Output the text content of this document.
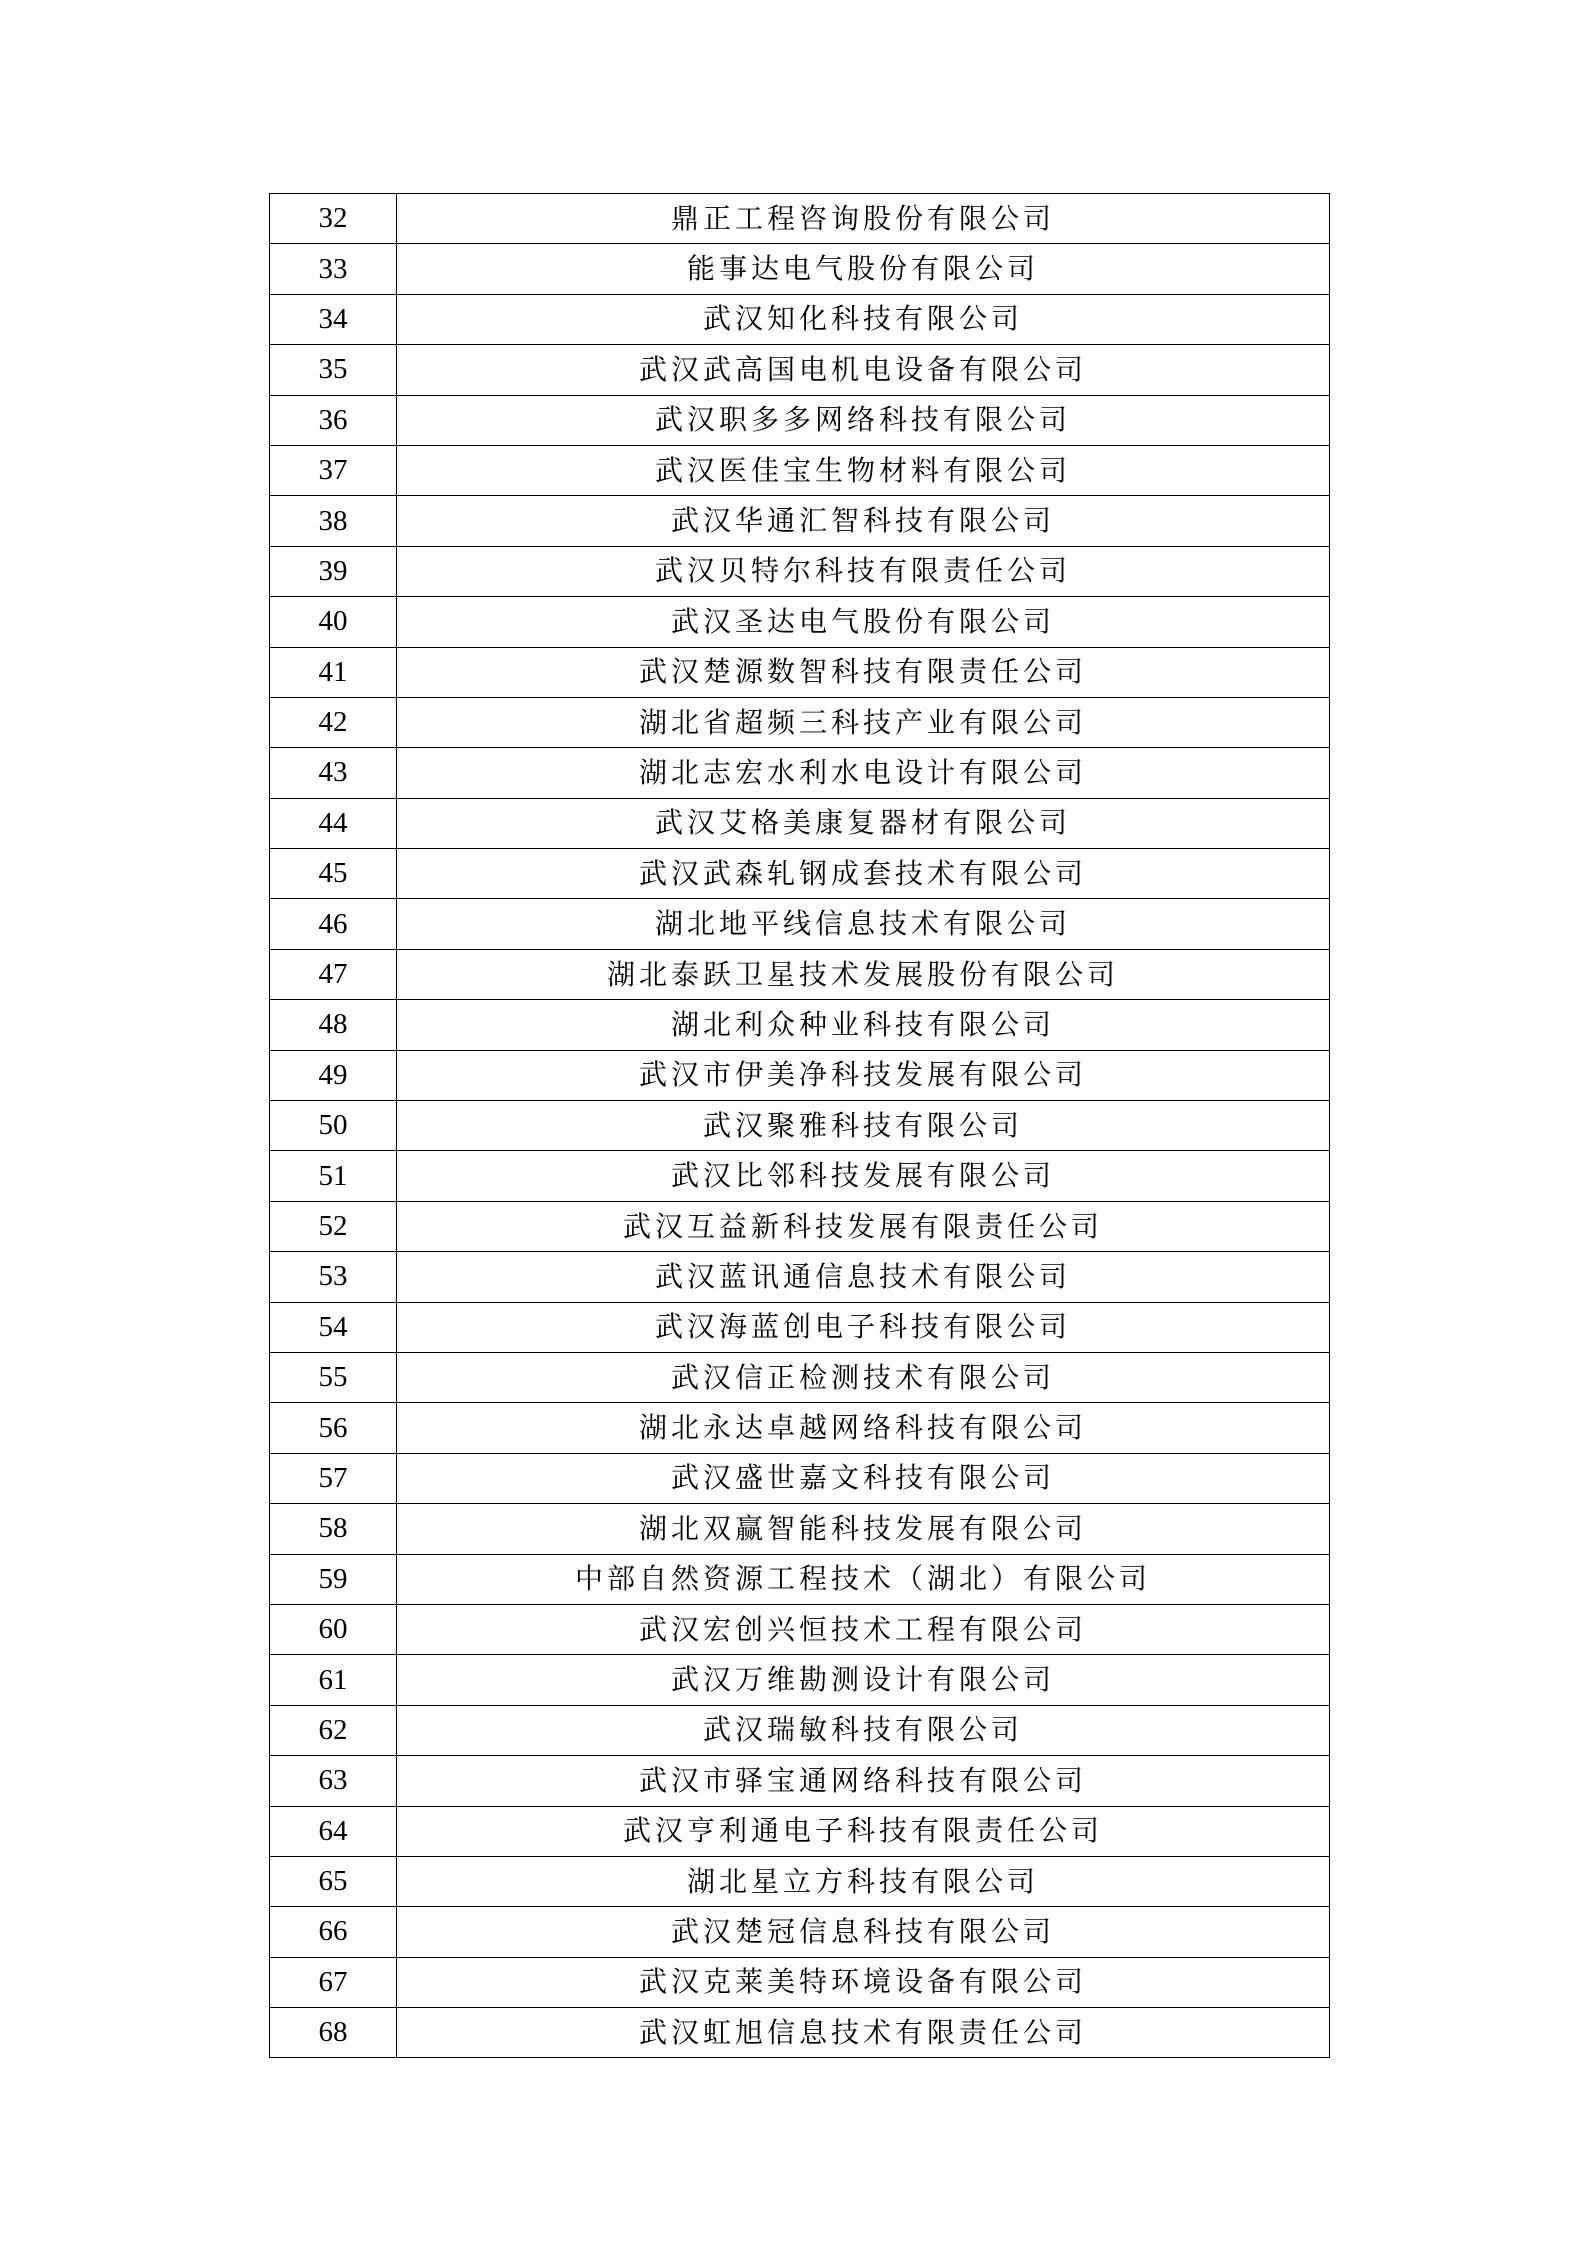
32	鼎正工程咨询股份有限公司
33	能事达电气股份有限公司
34	武汉知化科技有限公司
35	武汉武高国电机电设备有限公司
36	武汉职多多网络科技有限公司
37	武汉医佳宝生物材料有限公司
38	武汉华通汇智科技有限公司
39	武汉贝特尔科技有限责任公司
40	武汉圣达电气股份有限公司
41	武汉楚源数智科技有限责任公司
42	湖北省超频三科技产业有限公司
43	湖北志宏水利水电设计有限公司
44	武汉艾格美康复器材有限公司
45	武汉武森轧钢成套技术有限公司
46	湖北地平线信息技术有限公司
47	湖北泰跃卫星技术发展股份有限公司
48	湖北利众种业科技有限公司
49	武汉市伊美净科技发展有限公司
50	武汉聚雅科技有限公司
51	武汉比邻科技发展有限公司
52	武汉互益新科技发展有限责任公司
53	武汉蓝讯通信息技术有限公司
54	武汉海蓝创电子科技有限公司
55	武汉信正检测技术有限公司
56	湖北永达卓越网络科技有限公司
57	武汉盛世嘉文科技有限公司
58	湖北双赢智能科技发展有限公司
59	中部自然资源工程技术（湖北）有限公司
60	武汉宏创兴恒技术工程有限公司
61	武汉万维勘测设计有限公司
62	武汉瑞敏科技有限公司
63	武汉市驿宝通网络科技有限公司
64	武汉亨利通电子科技有限责任公司
65	湖北星立方科技有限公司
66	武汉楚冠信息科技有限公司
67	武汉克莱美特环境设备有限公司
68	武汉虹旭信息技术有限责任公司
